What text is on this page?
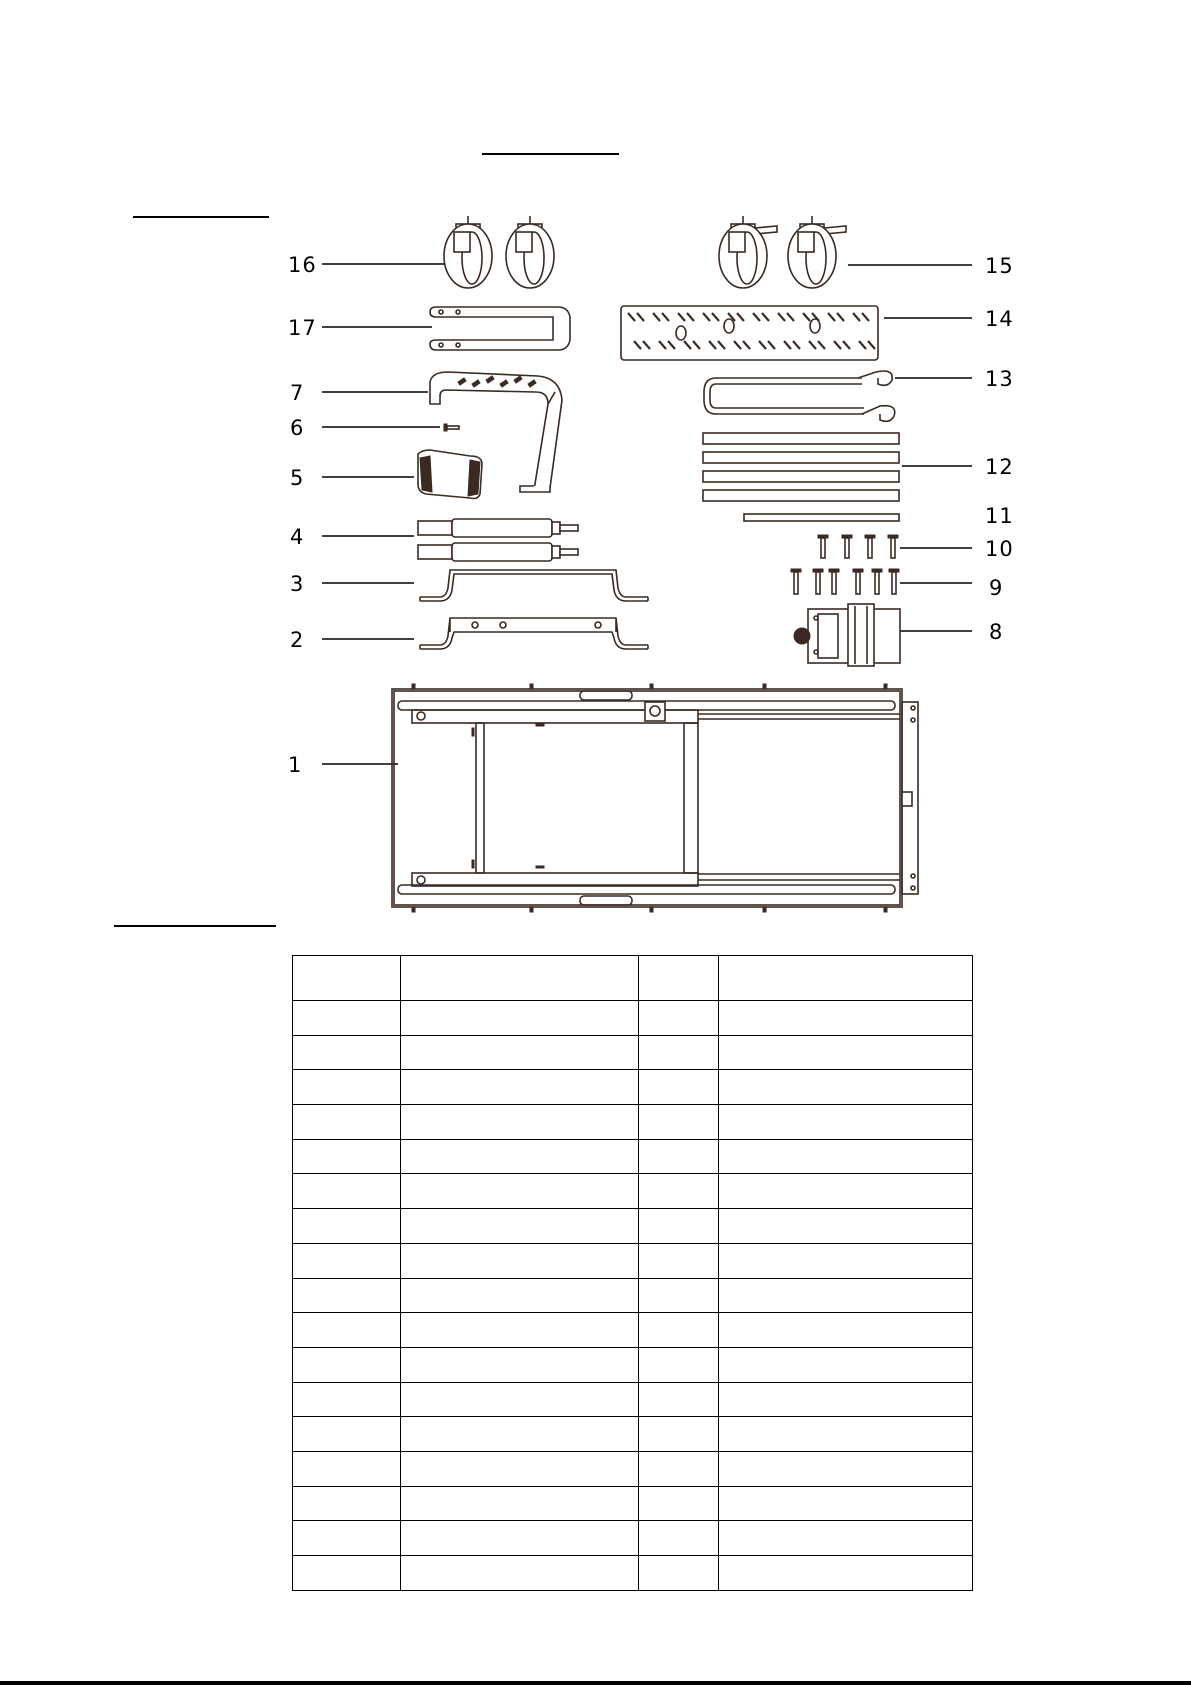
16
17
7
6
5
4
3
2
1
15
14
13
12
11
10
9
8
